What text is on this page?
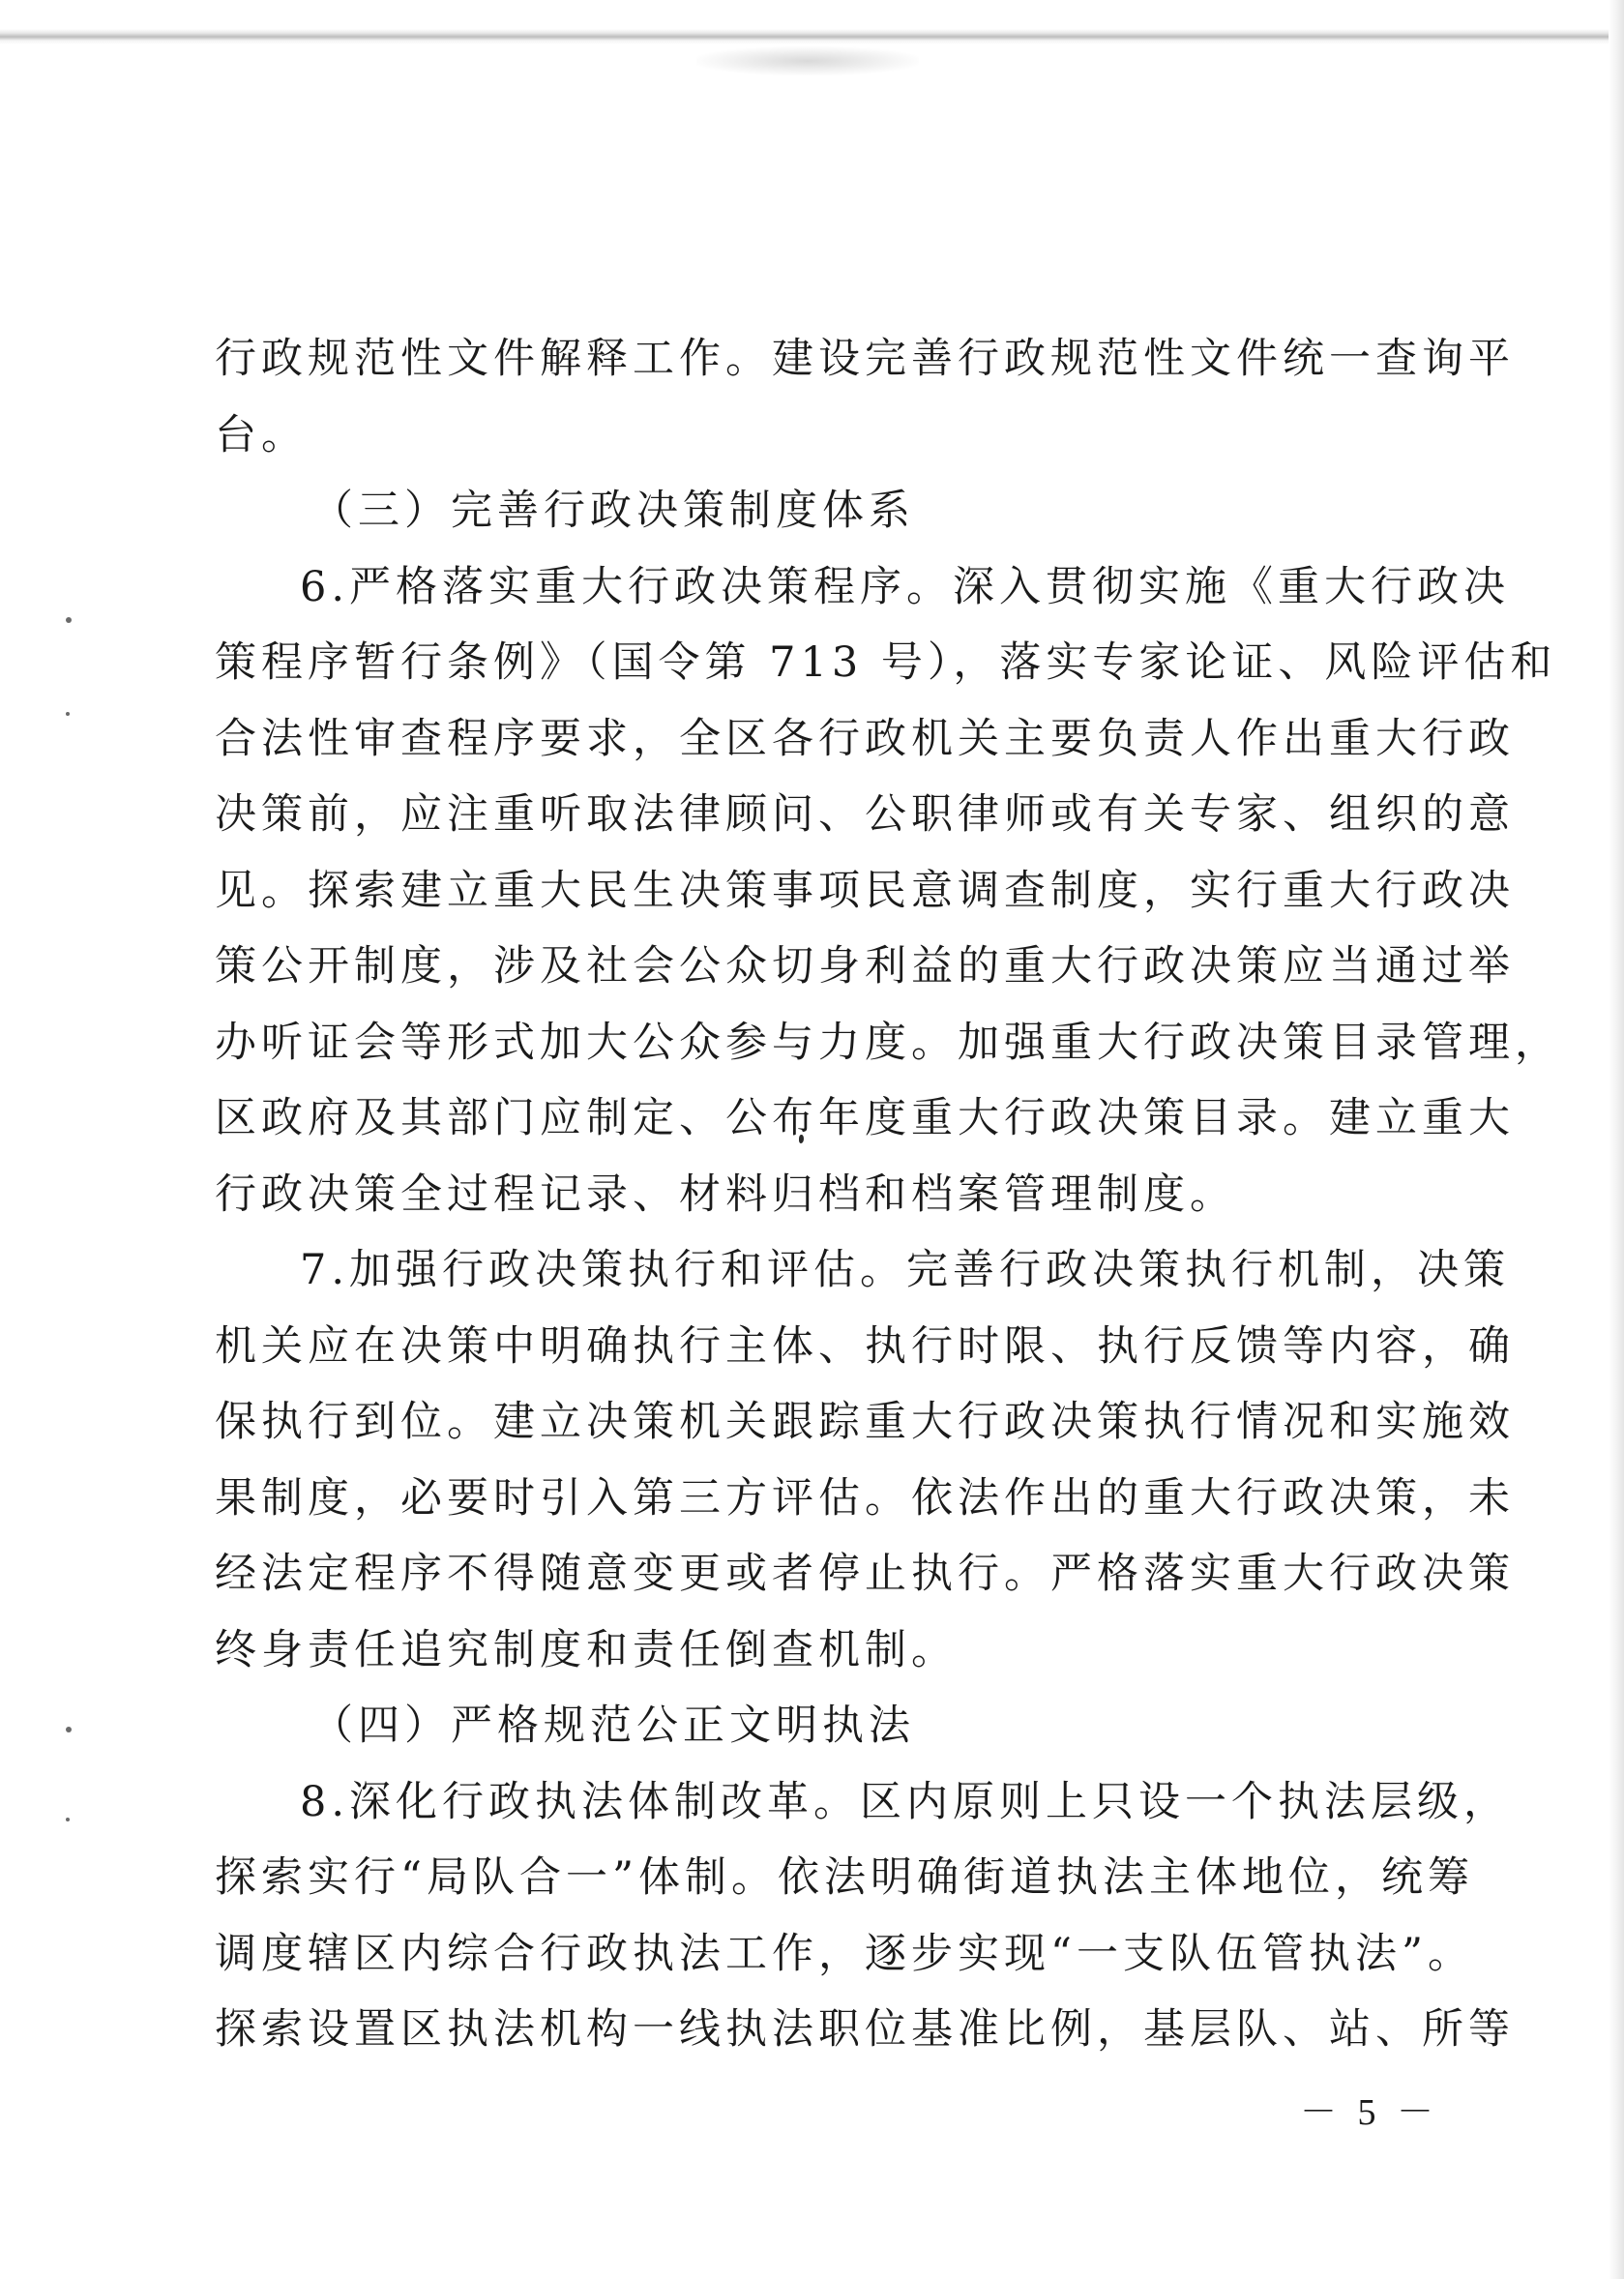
行政规范性文件解释工作。建设完善行政规范性文件统一查询平
台。
（三）完善行政决策制度体系
6.严格落实重大行政决策程序。深入贯彻实施《重大行政决
策程序暂行条例》（国令第 713 号），落实专家论证、风险评估和
合法性审查程序要求，全区各行政机关主要负责人作出重大行政
决策前，应注重听取法律顾问、公职律师或有关专家、组织的意
见。探索建立重大民生决策事项民意调查制度，实行重大行政决
策公开制度，涉及社会公众切身利益的重大行政决策应当通过举
办听证会等形式加大公众参与力度。加强重大行政决策目录管理，
区政府及其部门应制定、公布年度重大行政决策目录。建立重大
行政决策全过程记录、材料归档和档案管理制度。
7.加强行政决策执行和评估。完善行政决策执行机制，决策
机关应在决策中明确执行主体、执行时限、执行反馈等内容，确
保执行到位。建立决策机关跟踪重大行政决策执行情况和实施效
果制度，必要时引入第三方评估。依法作出的重大行政决策，未
经法定程序不得随意变更或者停止执行。严格落实重大行政决策
终身责任追究制度和责任倒查机制。
（四）严格规范公正文明执法
8.深化行政执法体制改革。区内原则上只设一个执法层级，
探索实行“局队合一”体制。依法明确街道执法主体地位，统筹
调度辖区内综合行政执法工作，逐步实现“一支队伍管执法”。
探索设置区执法机构一线执法职位基准比例，基层队、站、所等
－ 5 －
